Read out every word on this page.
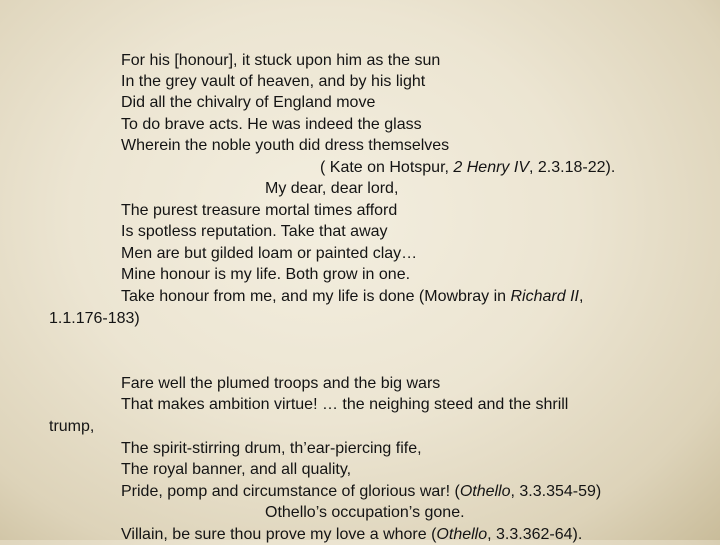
For his [honour], it stuck upon him as the sun
In the grey vault of heaven, and by his light
Did all the chivalry of England move
To do brave acts. He was indeed the glass
Wherein the noble youth did dress themselves
( Kate on Hotspur, 2 Henry IV, 2.3.18-22).
My dear, dear lord,
The purest treasure mortal times afford
Is spotless reputation. Take that away
Men are but gilded loam or painted clay…
Mine honour is my life. Both grow in one.
Take honour from me, and my life is done (Mowbray in Richard II,
1.1.176-183)
Fare well the plumed troops and the big wars
That makes ambition virtue! … the neighing steed and the shrill
trump,
The spirit-stirring drum, th’ear-piercing fife,
The royal banner, and all quality,
Pride, pomp and circumstance of glorious war! (Othello, 3.3.354-59)
Othello’s occupation’s gone.
Villain, be sure thou prove my love a whore (Othello, 3.3.362-64).
